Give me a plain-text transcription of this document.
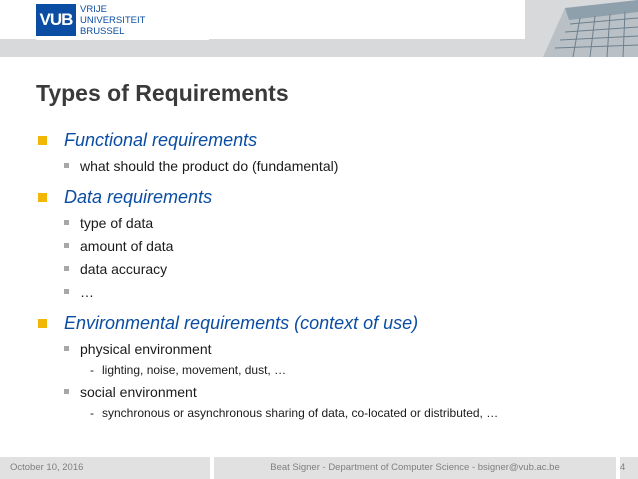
VUB
VRIJE
UNIVERSITEIT
BRUSSEL
Types of Requirements
Functional requirements
what should the product do (fundamental)
Data requirements
type of data
amount of data
data accuracy
…
Environmental requirements (context of use)
physical environment
- lighting, noise, movement, dust, …
social environment
- synchronous or asynchronous sharing of data, co-located or distributed, …
October 10, 2016	Beat Signer - Department of Computer Science - bsigner@vub.ac.be	4
